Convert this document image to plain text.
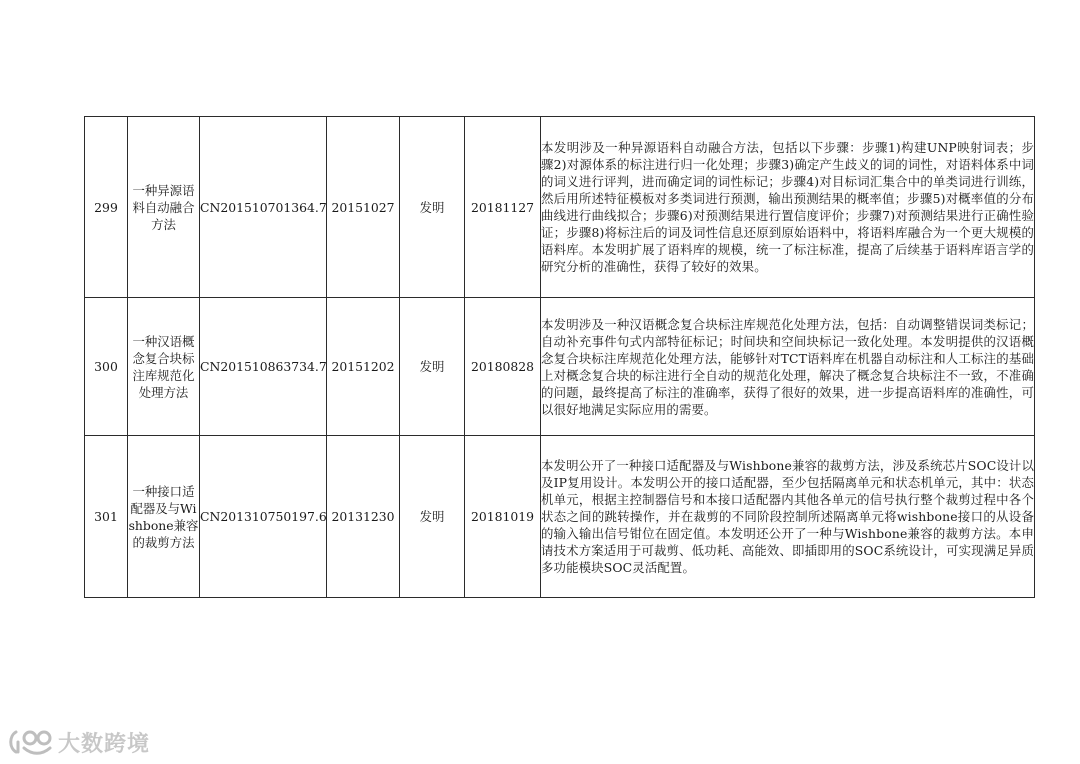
299	一种异源语料自动融合方法	CN201510701364.7	20151027	发明	20181127	本发明涉及一种异源语料自动融合方法，包括以下步骤：步骤1)构建UNP映射词表；步骤2)对源体系的标注进行归一化处理；步骤3)确定产生歧义的词的词性，对语料体系中词的词义进行评判，进而确定词的词性标记；步骤4)对目标词汇集合中的单类词进行训练，然后用所述特征模板对多类词进行预测，输出预测结果的概率值；步骤5)对概率值的分布曲线进行曲线拟合；步骤6)对预测结果进行置信度评价；步骤7)对预测结果进行正确性验证；步骤8)将标注后的词及词性信息还原到原始语料中，将语料库融合为一个更大规模的语料库。本发明扩展了语料库的规模，统一了标注标准，提高了后续基于语料库语言学的研究分析的准确性，获得了较好的效果。
300	一种汉语概念复合块标注库规范化处理方法	CN201510863734.7	20151202	发明	20180828	本发明涉及一种汉语概念复合块标注库规范化处理方法，包括：自动调整错误词类标记；自动补充事件句式内部特征标记；时间块和空间块标记一致化处理。本发明提供的汉语概念复合块标注库规范化处理方法，能够针对TCT语料库在机器自动标注和人工标注的基础上对概念复合块的标注进行全自动的规范化处理，解决了概念复合块标注不一致，不准确的问题，最终提高了标注的准确率，获得了很好的效果，进一步提高语料库的准确性，可以很好地满足实际应用的需要。
301	一种接口适配器及与Wishbone兼容的裁剪方法	CN201310750197.6	20131230	发明	20181019	本发明公开了一种接口适配器及与Wishbone兼容的裁剪方法，涉及系统芯片SOC设计以及IP复用设计。本发明公开的接口适配器，至少包括隔离单元和状态机单元，其中：状态机单元，根据主控制器信号和本接口适配器内其他各单元的信号执行整个裁剪过程中各个状态之间的跳转操作，并在裁剪的不同阶段控制所述隔离单元将wishbone接口的从设备的输入输出信号钳位在固定值。本发明还公开了一种与Wishbone兼容的裁剪方法。本申请技术方案适用于可裁剪、低功耗、高能效、即插即用的SOC系统设计，可实现满足异质多功能模块SOC灵活配置。
大数跨境
